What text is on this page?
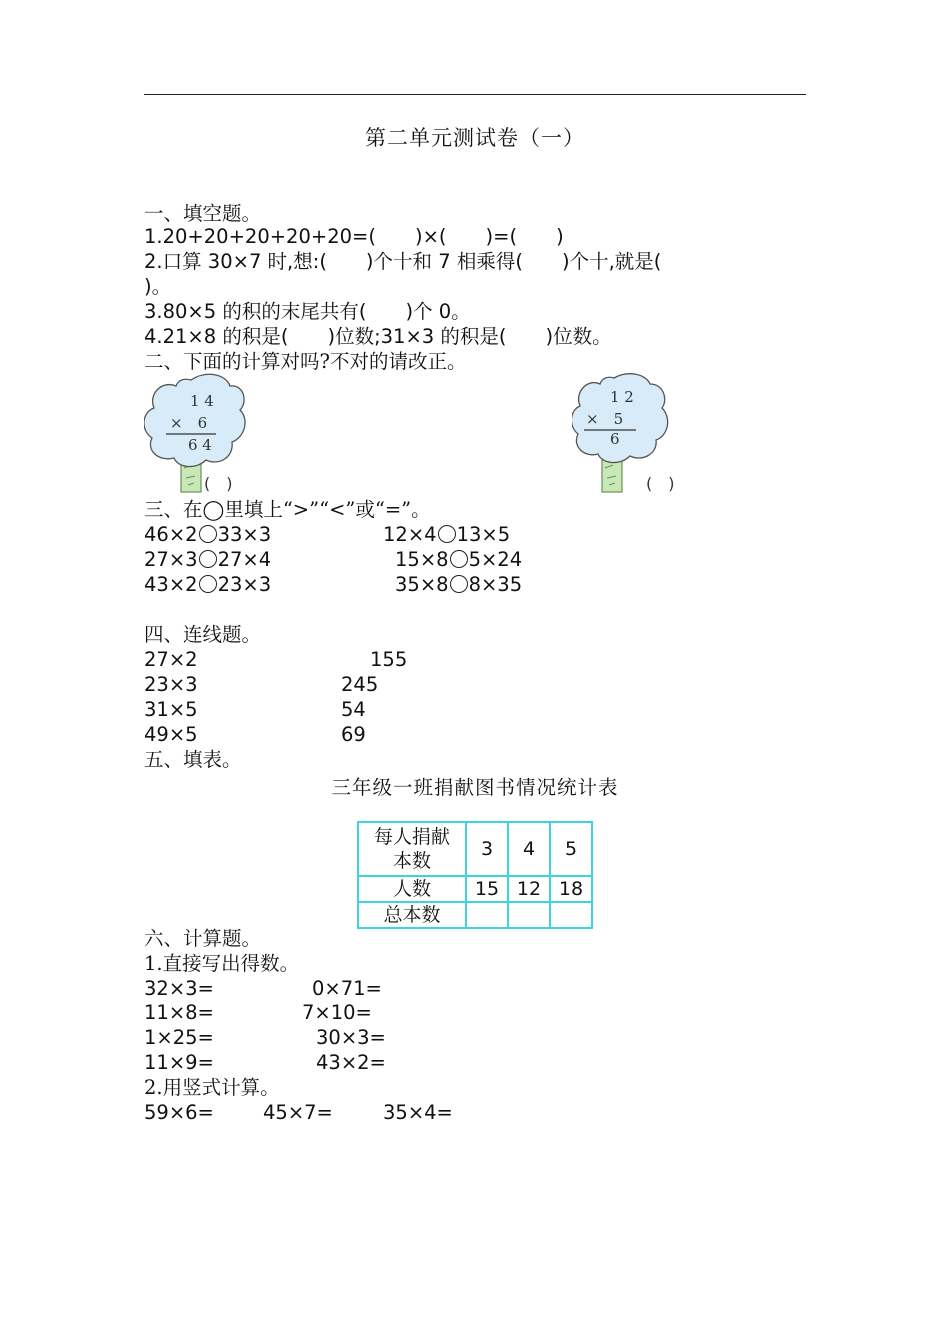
第二单元测试卷（一）
一、填空题。
1.20+20+20+20+20=(　　)×(　　)=(　　)
2.口算 30×7 时,想:(　　)个十和 7 相乘得(　　)个十,就是(
)。
3.80×5 的积的末尾共有(　　)个 0。
4.21×8 的积是(　　)位数;31×3 的积是(　　)位数。
二、下面的计算对吗?不对的请改正。
1 4
×　6
6 4
(　)
1 2
×　5
6
(　)
三、在◯里填上“>”“<”或“=”。
46×2 33×3	12×4 13×5
27×3 27×4	15×8 5×24
43×2 23×3	35×8 8×35
四、连线题。
27×2
23×3
31×5
49×5
155
245
54
69
五、填表。
三年级一班捐献图书情况统计表
每人捐献
本数	3	4	5
人数	15	12	18
总本数			
六、计算题。
1.直接写出得数。
32×3=	0×71=
11×8=	7×10=
1×25=	30×3=
11×9=	43×2=
2.用竖式计算。
59×6=	45×7=	35×4=
